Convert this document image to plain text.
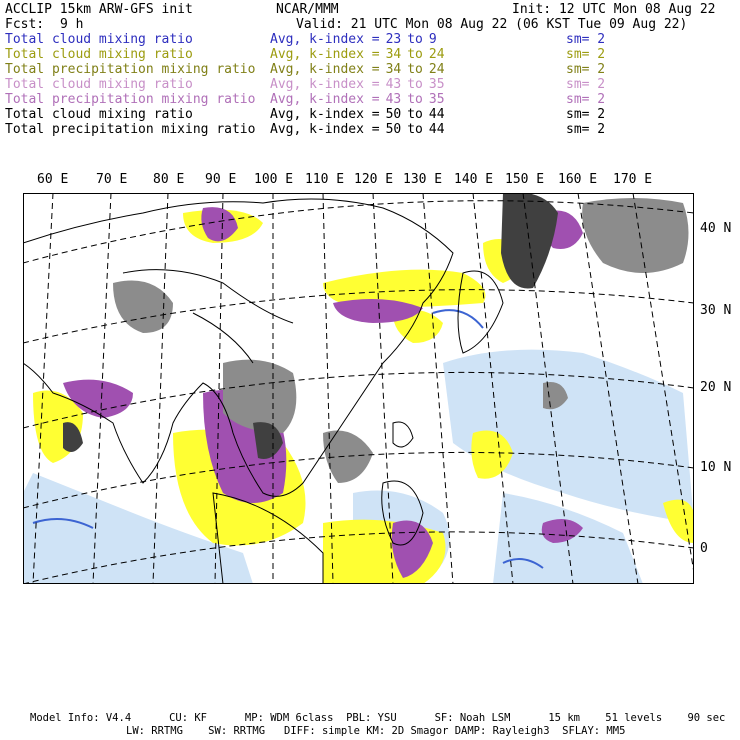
ACCLIP 15km ARW-GFS init	NCAR/MMM	Init: 12 UTC Mon 08 Aug 22
Fcst: 9 h	Valid: 21 UTC Mon 08 Aug 22 (06 KST Tue 09 Aug 22)
Total cloud mixing ratio	Avg, k-index = 23 to 9	sm= 2
Total cloud mixing ratio	Avg, k-index = 34 to 24	sm= 2
Total precipitation mixing ratio Avg, k-index = 34 to 24	sm= 2
Total cloud mixing ratio	Avg, k-index = 43 to 35	sm= 2
Total precipitation mixing ratio Avg, k-index = 43 to 35	sm= 2
Total cloud mixing ratio	Avg, k-index = 50 to 44	sm= 2
Total precipitation mixing ratio Avg, k-index = 50 to 44	sm= 2
60 E 70 E 80 E 90 E 100 E 110 E 120 E 130 E 140 E 150 E 160 E 170 E
40 N
30 N
20 N
10 N
0
Model Info: V4.4      CU: KF      MP: WDM 6class  PBL: YSU      SF: Noah LSM      15 km    51 levels    90 sec
LW: RRTMG    SW: RRTMG   DIFF: simple KM: 2D Smagor DAMP: Rayleigh3  SFLAY: MM5
